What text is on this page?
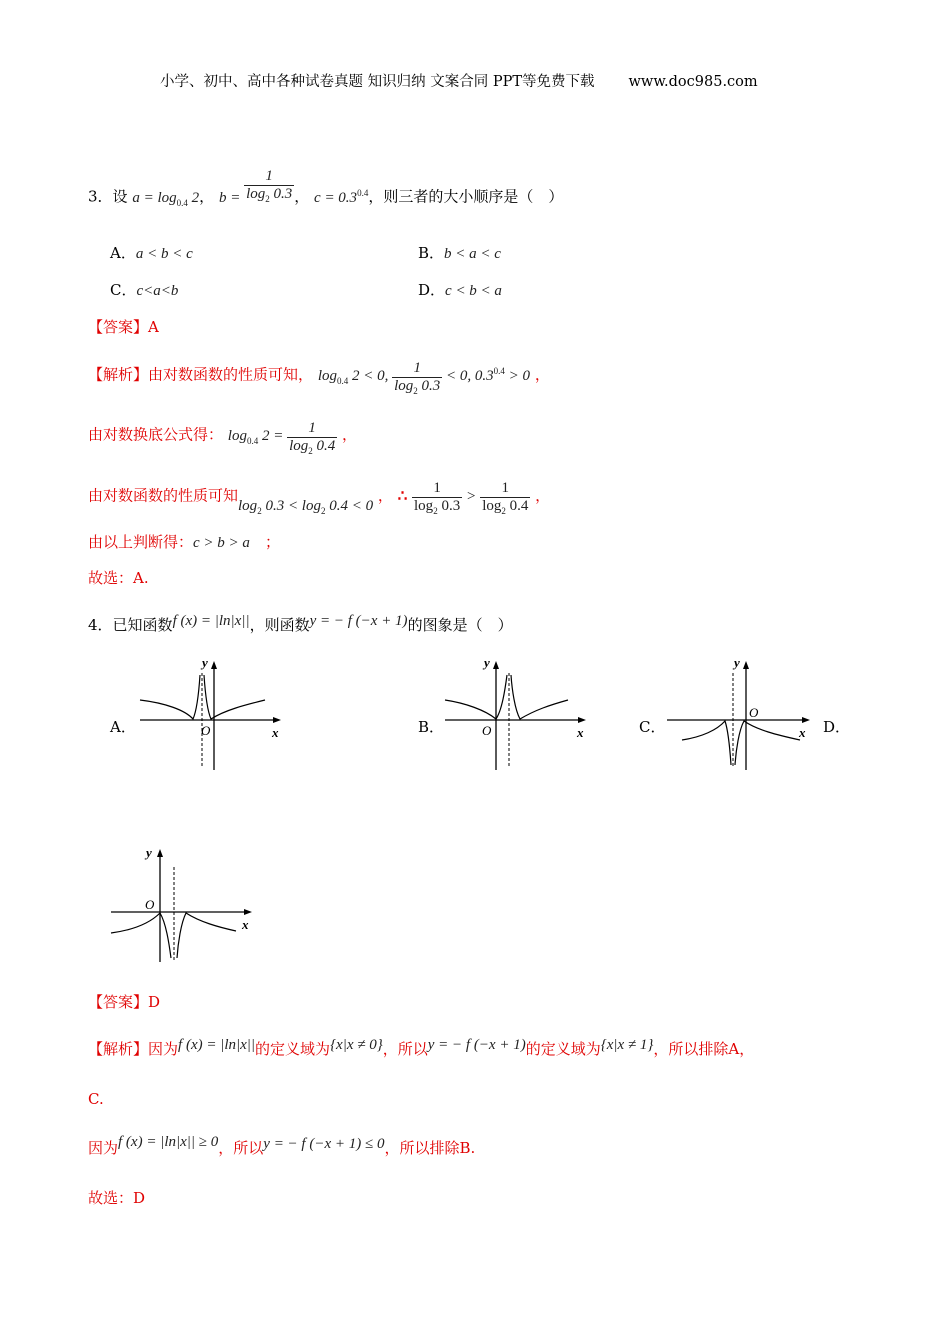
小学、初中、高中各种试卷真题 知识归纳 文案合同 PPT等免费下载 www.doc985.com
3．设 $a = \log_{0.4} 2$， $b = \frac{1}{\log_2 0.3}$ ， $c = 0.3^{0.4}$，则三者的大小顺序是（　）
A．a < b < c	B．b < a < c
C．c<a<b	D．c < b < a
【答案】A
【解析】由对数函数的性质可知， $\log_{0.4} 2 < 0$, $\frac{1}{\log_2 0.3} < 0$, $0.3^{0.4} > 0$ ，
由对数换底公式得： $\log_{0.4} 2 = \frac{1}{\log_2 0.4}$ ，
由对数函数的性质可知$\log_2 0.3 < \log_2 0.4 < 0$ ， ∴ $\frac{1}{\log_2 0.3} > \frac{1}{\log_2 0.4}$ ，
由以上判断得：c > b > a　 ；
故选：A.
4．已知函数f (x) = |ln|x||，则函数y = − f (−x + 1)的图象是（　）
A．
y
O	x	B．
y
O	x	C．
y
O
x D．
y
O
x
【答案】D
【解析】因为f (x) = |ln|x||的定义域为{x|x ≠ 0}，所以y = − f (−x + 1)的定义域为{x|x ≠ 1}，所以排除A，
C.
因为f (x) = |ln|x|| ≥ 0，所以y = − f (−x + 1) ≤ 0，所以排除B.
故选：D
